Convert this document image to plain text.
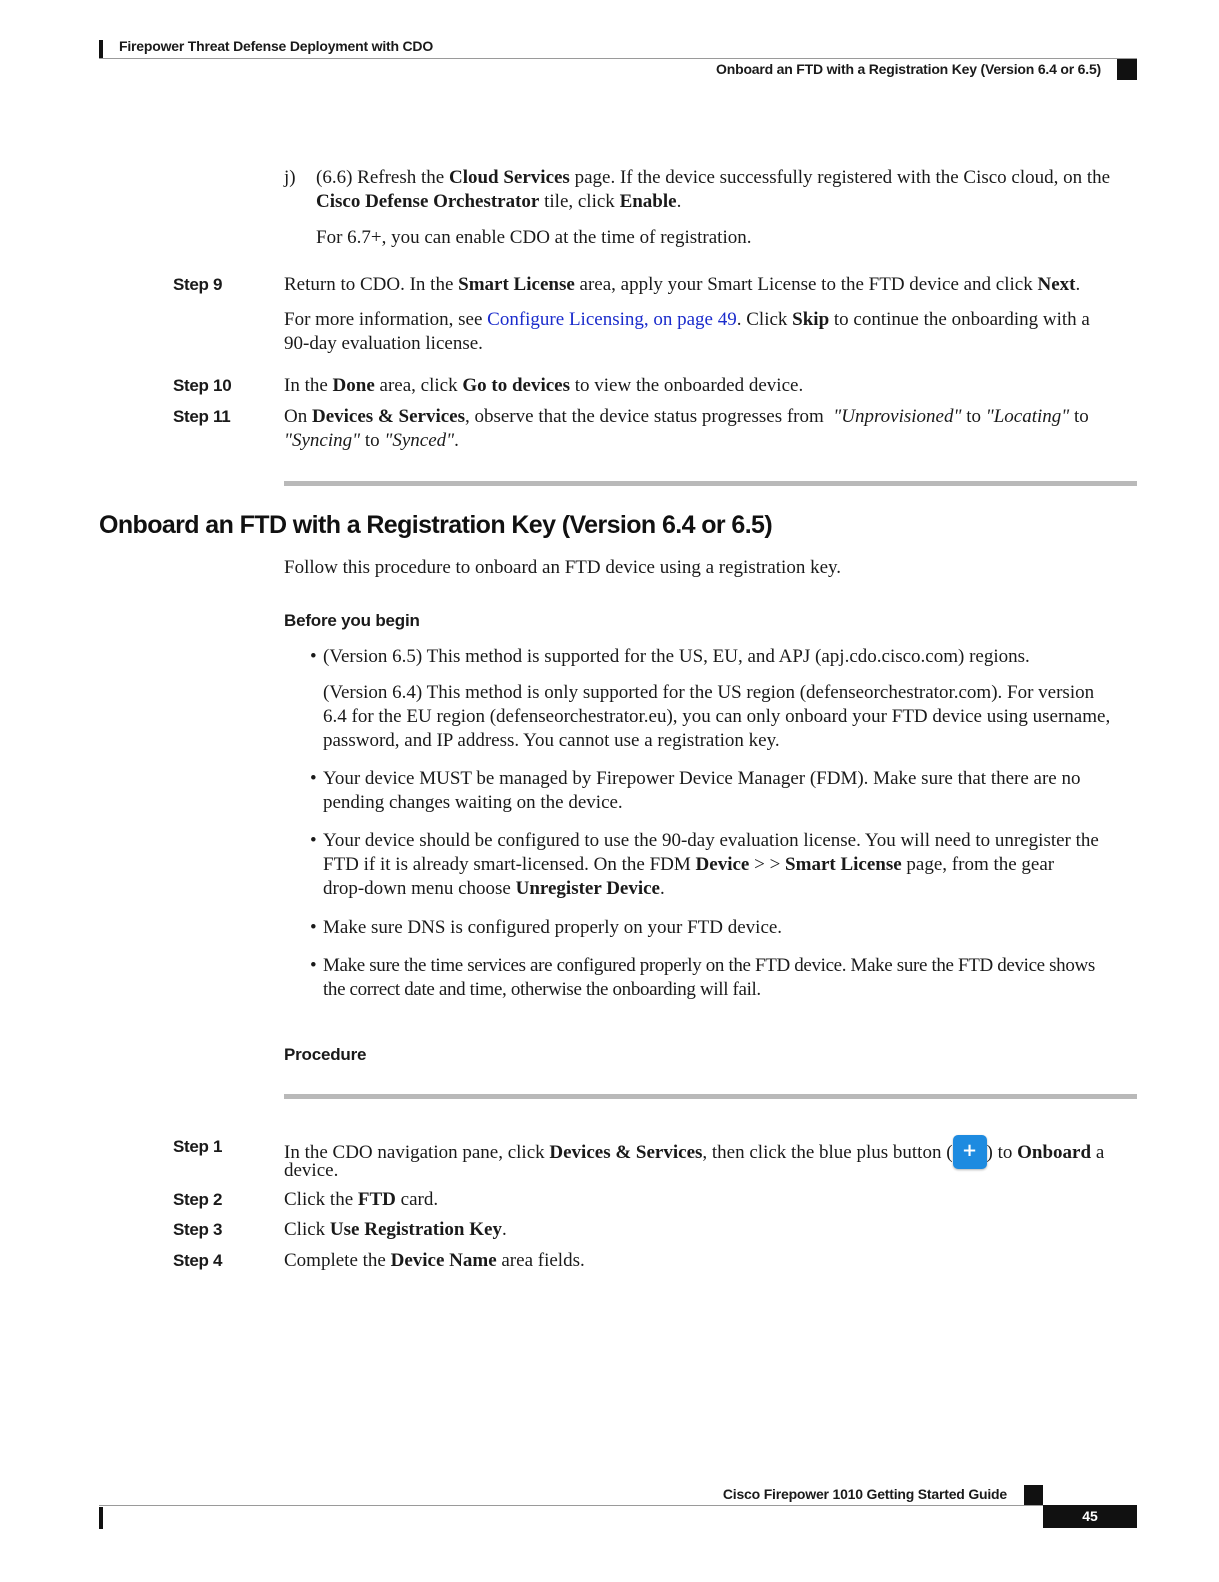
Firepower Threat Defense Deployment with CDO
Onboard an FTD with a Registration Key (Version 6.4 or 6.5)
j) (6.6) Refresh the Cloud Services page. If the device successfully registered with the Cisco cloud, on the
Cisco Defense Orchestrator tile, click Enable.
For 6.7+, you can enable CDO at the time of registration.
Step 9	Return to CDO. In the Smart License area, apply your Smart License to the FTD device and click Next.
For more information, see Configure Licensing, on page 49. Click Skip to continue the onboarding with a
90-day evaluation license.
Step 10	In the Done area, click Go to devices to view the onboarded device.
Step 11	On Devices & Services, observe that the device status progresses from "Unprovisioned" to "Locating" to
"Syncing" to "Synced".
Onboard an FTD with a Registration Key (Version 6.4 or 6.5)
Follow this procedure to onboard an FTD device using a registration key.
Before you begin
• (Version 6.5) This method is supported for the US, EU, and APJ (apj.cdo.cisco.com) regions.
(Version 6.4) This method is only supported for the US region (defenseorchestrator.com). For version
6.4 for the EU region (defenseorchestrator.eu), you can only onboard your FTD device using username,
password, and IP address. You cannot use a registration key.
• Your device MUST be managed by Firepower Device Manager (FDM). Make sure that there are no
pending changes waiting on the device.
• Your device should be configured to use the 90-day evaluation license. You will need to unregister the
FTD if it is already smart-licensed. On the FDM Device > > Smart License page, from the gear
drop-down menu choose Unregister Device.
• Make sure DNS is configured properly on your FTD device.
• Make sure the time services are configured properly on the FTD device. Make sure the FTD device shows
the correct date and time, otherwise the onboarding will fail.
Procedure
Step 1	In the CDO navigation pane, click Devices & Services, then click the blue plus button ( + ) to Onboard a
device.
Step 2	Click the FTD card.
Step 3	Click Use Registration Key.
Step 4	Complete the Device Name area fields.
Cisco Firepower 1010 Getting Started Guide
45
